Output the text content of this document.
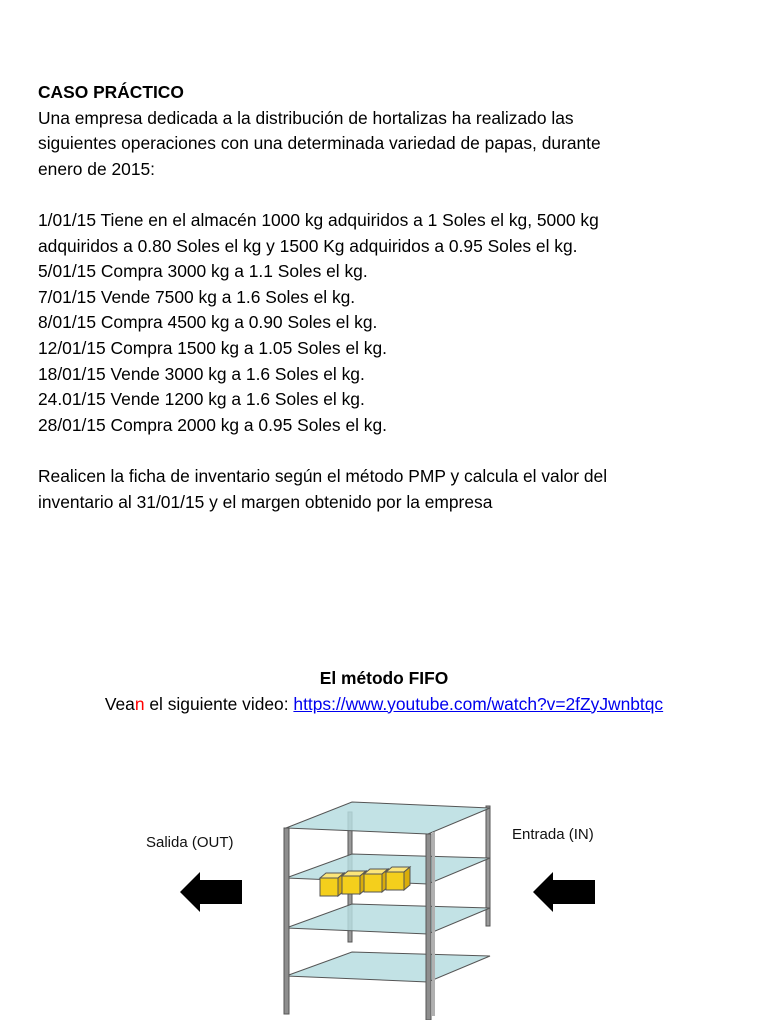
CASO PRÁCTICO

Una empresa dedicada a la distribución de hortalizas ha realizado las

siguientes operaciones con una determinada variedad de papas, durante

enero de 2015:

1/01/15 Tiene en el almacén 1000 kg adquiridos a 1 Soles el kg, 5000 kg

adquiridos a 0.80 Soles el kg y 1500 Kg adquiridos a 0.95 Soles el kg.

5/01/15 Compra 3000 kg a 1.1 Soles el kg.

7/01/15 Vende 7500 kg a 1.6 Soles el kg.

8/01/15 Compra 4500 kg a 0.90 Soles el kg.

12/01/15 Compra 1500 kg a 1.05 Soles el kg.

18/01/15 Vende 3000 kg a 1.6 Soles el kg.

24.01/15 Vende 1200 kg a 1.6 Soles el kg.

28/01/15 Compra 2000 kg a 0.95 Soles el kg.

Realicen la ficha de inventario según el método PMP y calcula el valor del

inventario al 31/01/15 y el margen obtenido por la empresa

El método FIFO

Vean el siguiente video: https://www.youtube.com/watch?v=2fZyJwnbtqc

Salida (OUT)	Entrada (IN)
